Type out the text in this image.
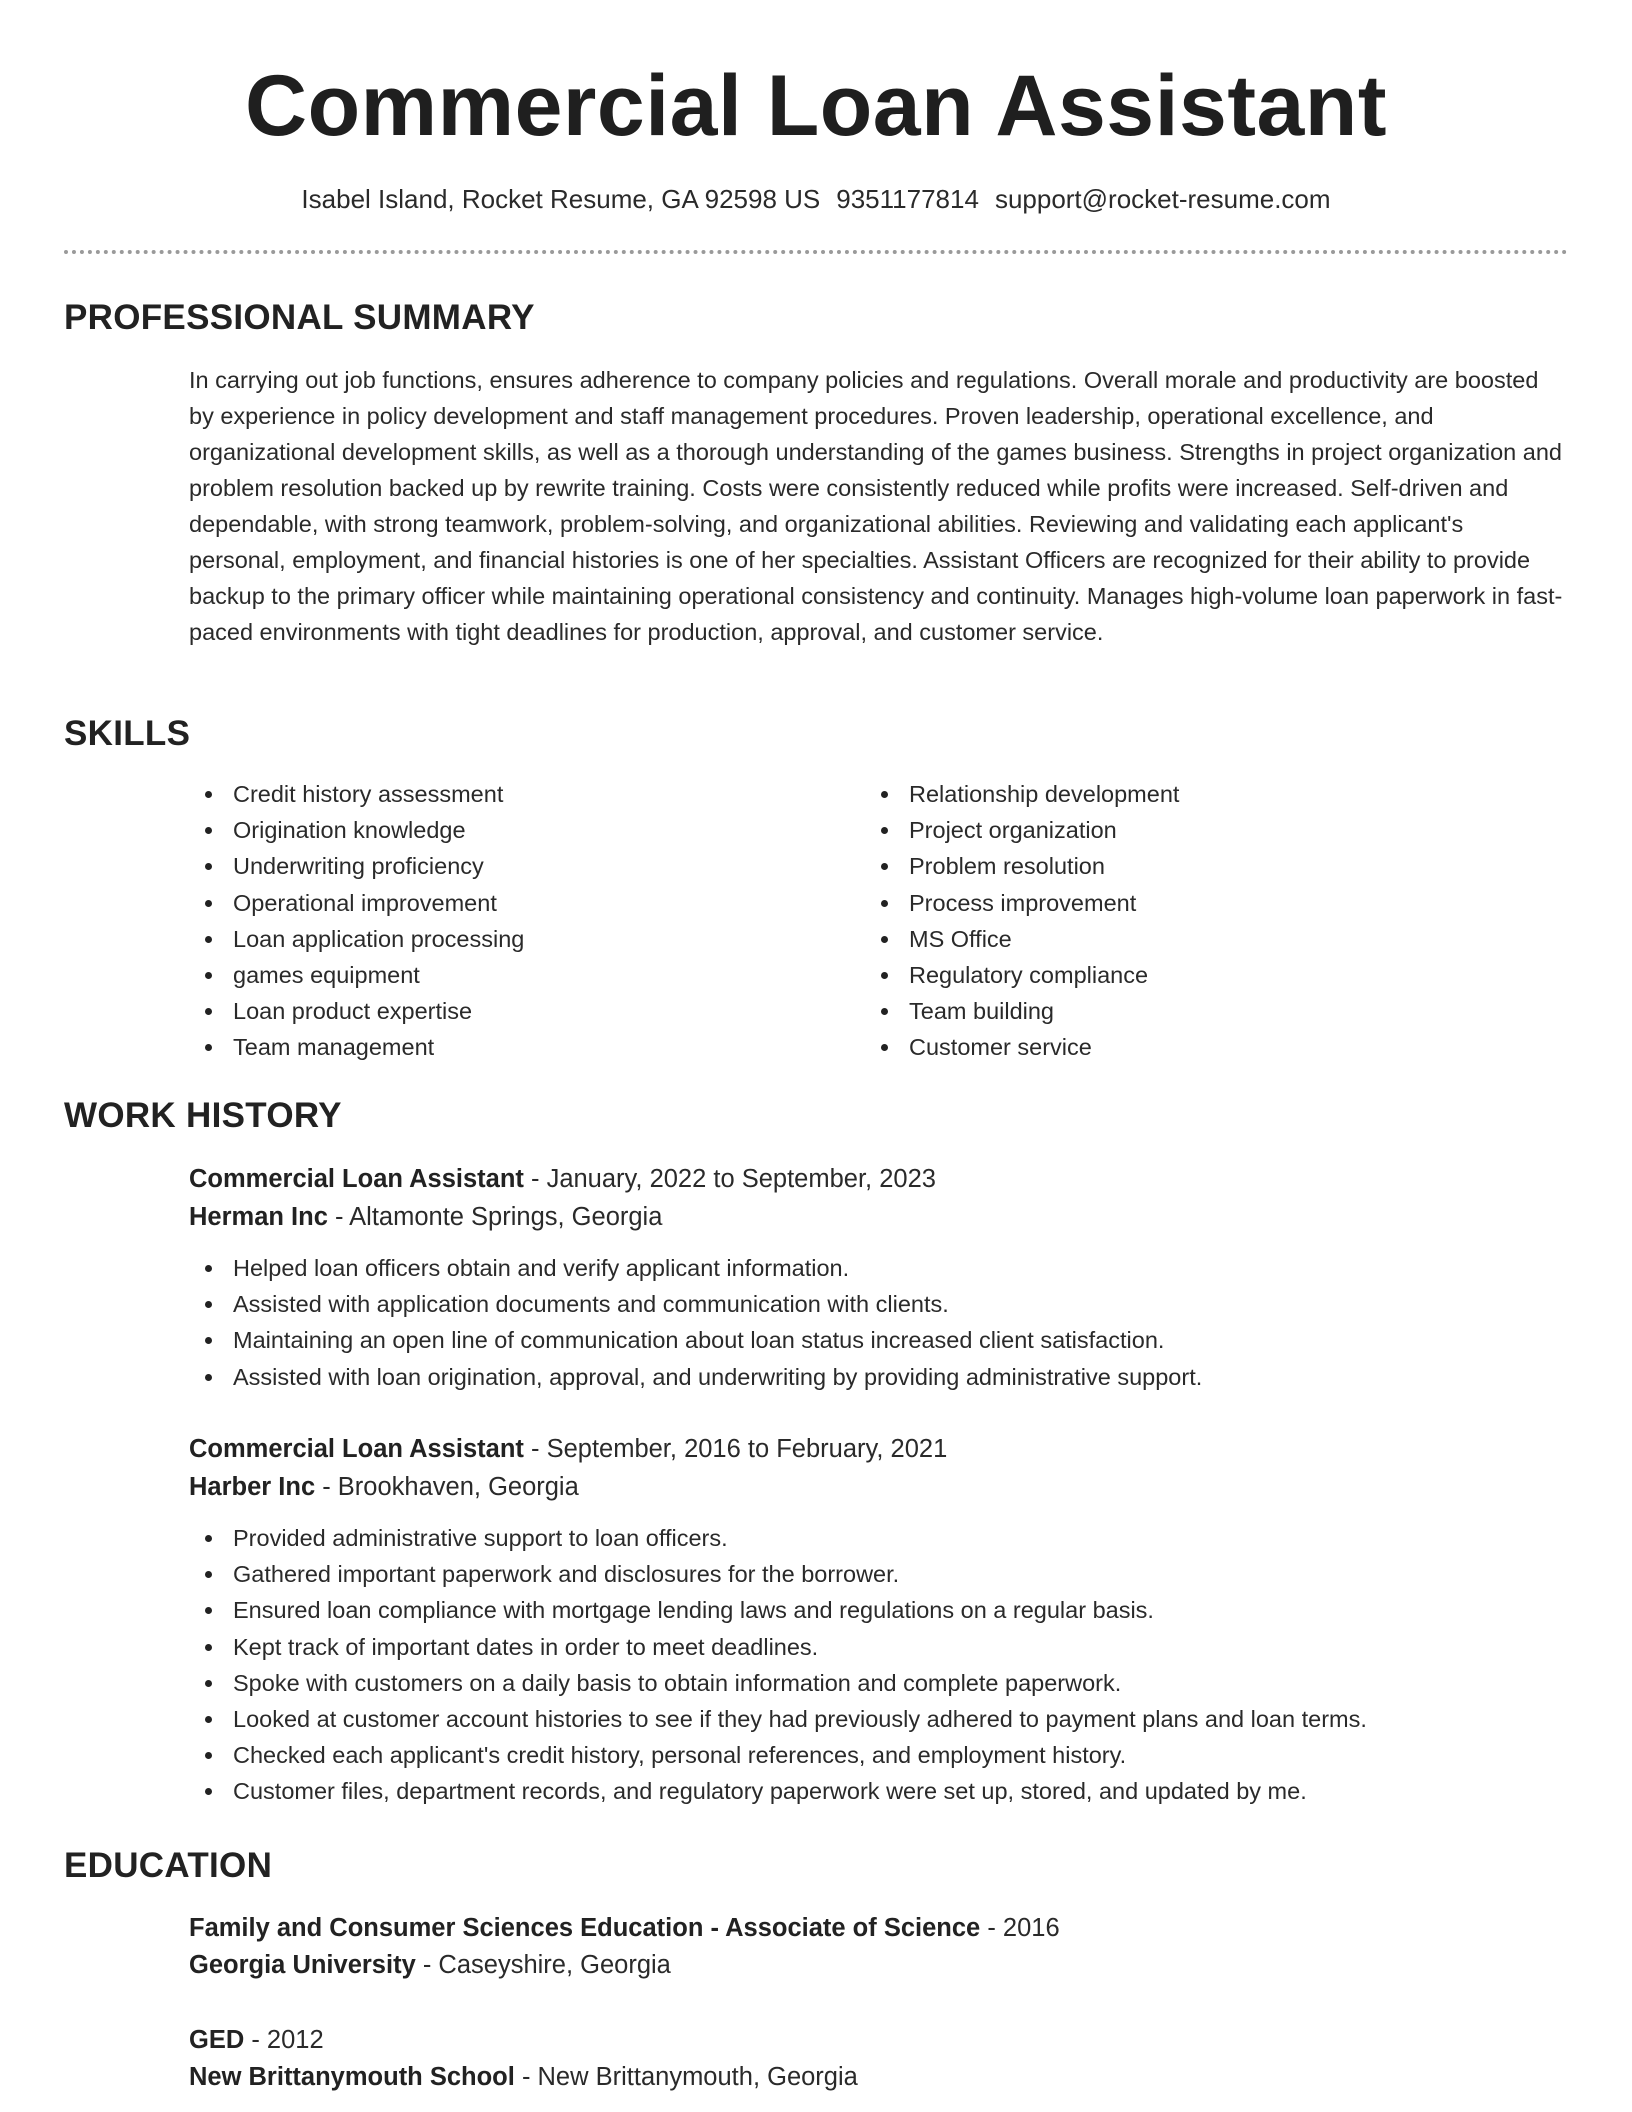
Commercial Loan Assistant
Isabel Island, Rocket Resume, GA 92598 US 9351177814 support@rocket-resume.com
PROFESSIONAL SUMMARY
In carrying out job functions, ensures adherence to company policies and regulations. Overall morale and productivity are boosted by experience in policy development and staff management procedures. Proven leadership, operational excellence, and organizational development skills, as well as a thorough understanding of the games business. Strengths in project organization and problem resolution backed up by rewrite training. Costs were consistently reduced while profits were increased. Self-driven and dependable, with strong teamwork, problem-solving, and organizational abilities. Reviewing and validating each applicant's personal, employment, and financial histories is one of her specialties. Assistant Officers are recognized for their ability to provide backup to the primary officer while maintaining operational consistency and continuity. Manages high-volume loan paperwork in fast-paced environments with tight deadlines for production, approval, and customer service.
SKILLS
Credit history assessment
Origination knowledge
Underwriting proficiency
Operational improvement
Loan application processing
games equipment
Loan product expertise
Team management
Relationship development
Project organization
Problem resolution
Process improvement
MS Office
Regulatory compliance
Team building
Customer service
WORK HISTORY
Commercial Loan Assistant - January, 2022 to September, 2023
Herman Inc - Altamonte Springs, Georgia
Helped loan officers obtain and verify applicant information.
Assisted with application documents and communication with clients.
Maintaining an open line of communication about loan status increased client satisfaction.
Assisted with loan origination, approval, and underwriting by providing administrative support.
Commercial Loan Assistant - September, 2016 to February, 2021
Harber Inc - Brookhaven, Georgia
Provided administrative support to loan officers.
Gathered important paperwork and disclosures for the borrower.
Ensured loan compliance with mortgage lending laws and regulations on a regular basis.
Kept track of important dates in order to meet deadlines.
Spoke with customers on a daily basis to obtain information and complete paperwork.
Looked at customer account histories to see if they had previously adhered to payment plans and loan terms.
Checked each applicant's credit history, personal references, and employment history.
Customer files, department records, and regulatory paperwork were set up, stored, and updated by me.
EDUCATION
Family and Consumer Sciences Education - Associate of Science - 2016
Georgia University - Caseyshire, Georgia
GED - 2012
New Brittanymouth School - New Brittanymouth, Georgia
